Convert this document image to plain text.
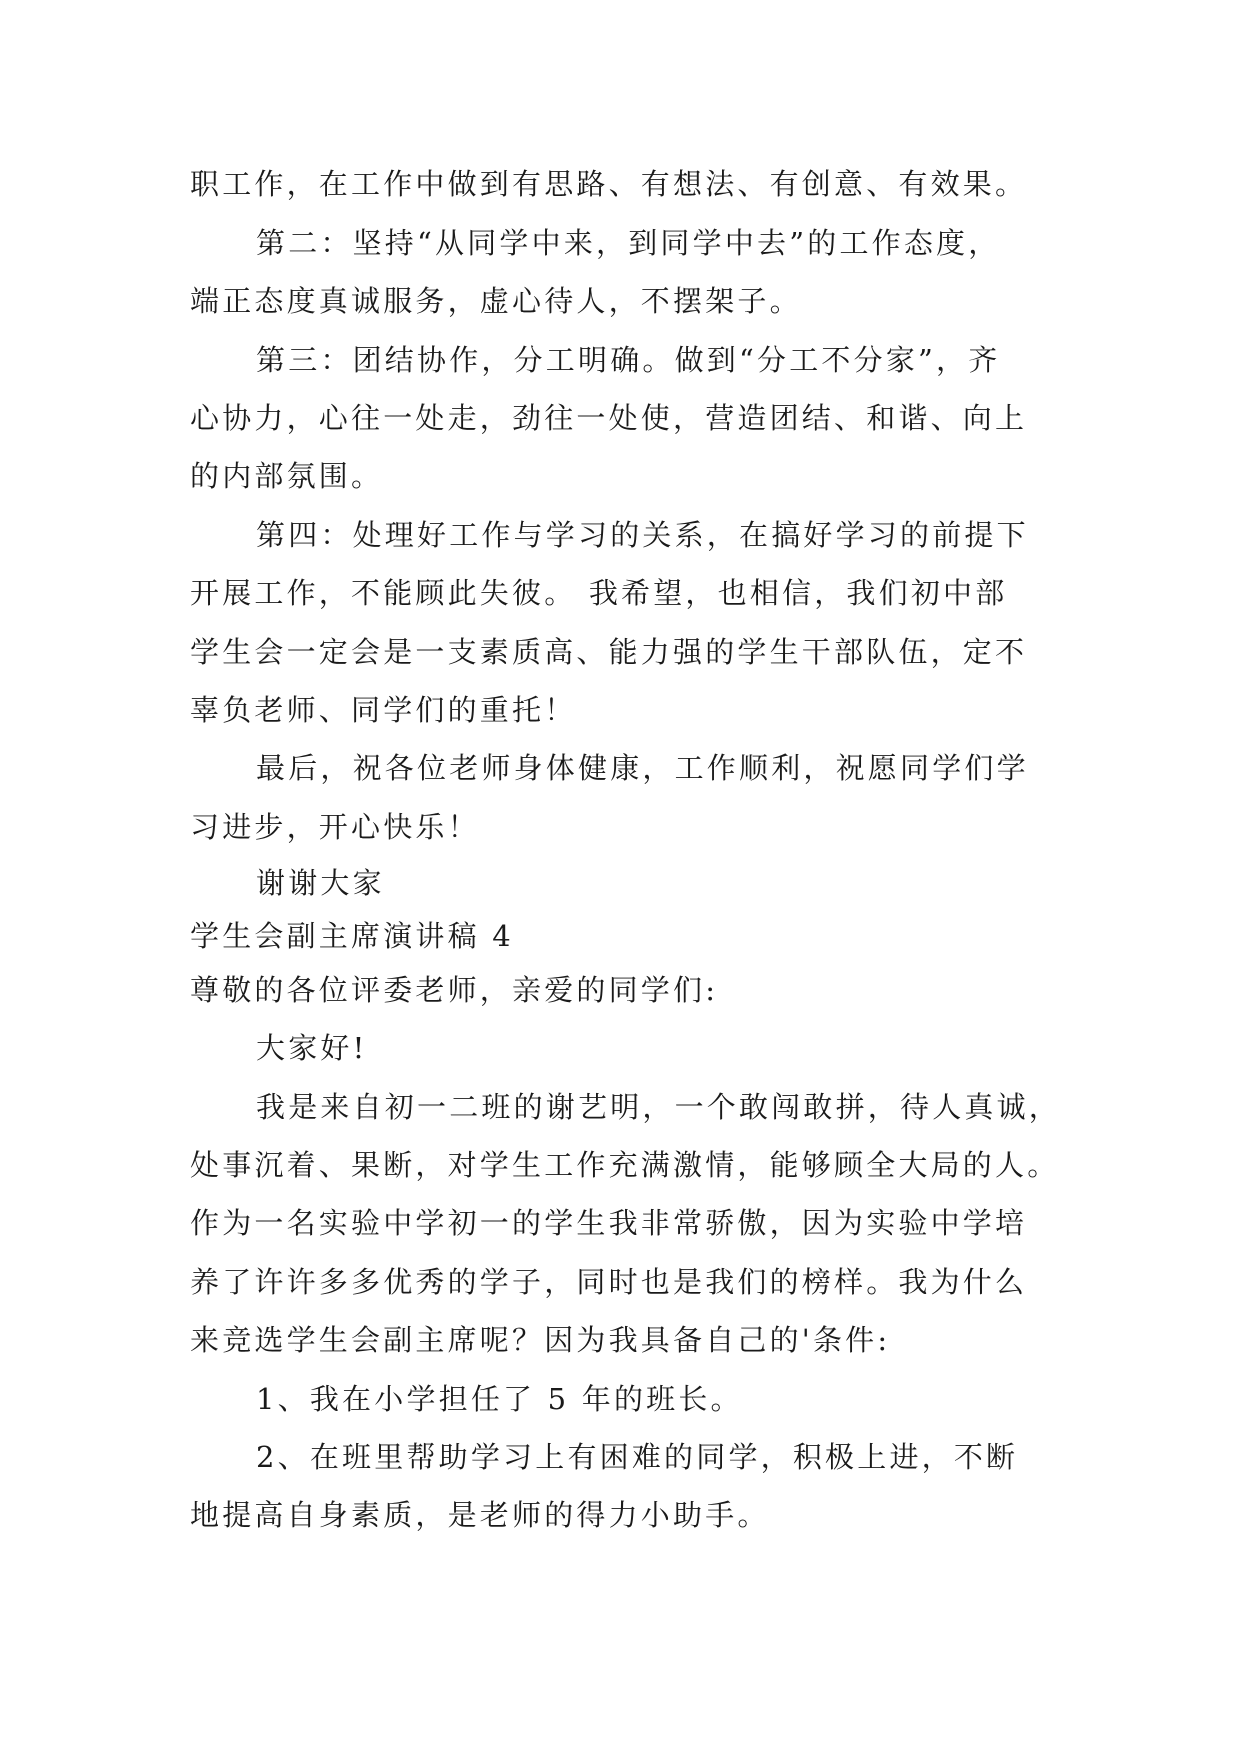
职工作，在工作中做到有思路、有想法、有创意、有效果。
第二：坚持“从同学中来，到同学中去”的工作态度，
端正态度真诚服务，虚心待人，不摆架子。
第三：团结协作，分工明确。做到“分工不分家”，齐
心协力，心往一处走，劲往一处使，营造团结、和谐、向上
的内部氛围。
第四：处理好工作与学习的关系，在搞好学习的前提下
开展工作，不能顾此失彼。 我希望，也相信，我们初中部
学生会一定会是一支素质高、能力强的学生干部队伍，定不
辜负老师、同学们的重托！
最后，祝各位老师身体健康，工作顺利，祝愿同学们学
习进步，开心快乐！
谢谢大家
学生会副主席演讲稿 4
尊敬的各位评委老师，亲爱的同学们:
大家好!
我是来自初一二班的谢艺明，一个敢闯敢拼，待人真诚，
处事沉着、果断，对学生工作充满激情，能够顾全大局的人。
作为一名实验中学初一的学生我非常骄傲，因为实验中学培
养了许许多多优秀的学子，同时也是我们的榜样。我为什么
来竞选学生会副主席呢？因为我具备自己的'条件:
1、我在小学担任了 5 年的班长。
2、在班里帮助学习上有困难的同学，积极上进，不断
地提高自身素质，是老师的得力小助手。
